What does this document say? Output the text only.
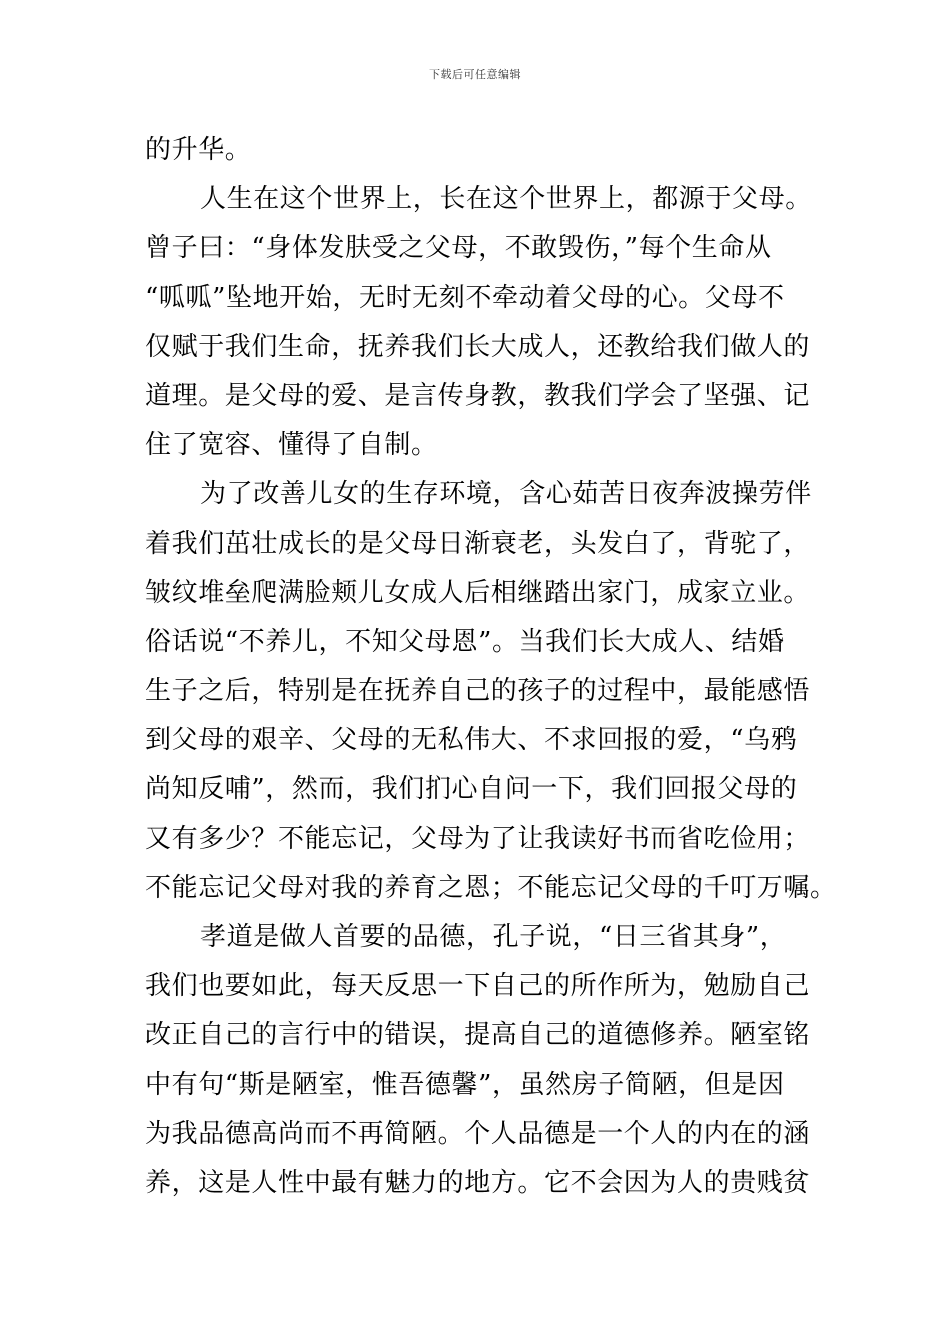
下载后可任意编辑
的升华。
人生在这个世界上，长在这个世界上，都源于父母。
曾子曰：“身体发肤受之父母，不敢毁伤，”每个生命从
“呱呱”坠地开始，无时无刻不牵动着父母的心。父母不
仅赋于我们生命，抚养我们长大成人，还教给我们做人的
道理。是父母的爱、是言传身教，教我们学会了坚强、记
住了宽容、懂得了自制。
为了改善儿女的生存环境，含心茹苦日夜奔波操劳伴
着我们茁壮成长的是父母日渐衰老，头发白了，背驼了，
皱纹堆垒爬满脸颊儿女成人后相继踏出家门，成家立业。
俗话说“不养儿，不知父母恩”。当我们长大成人、结婚
生子之后，特别是在抚养自己的孩子的过程中，最能感悟
到父母的艰辛、父母的无私伟大、不求回报的爱，“乌鸦
尚知反哺”，然而，我们扪心自问一下，我们回报父母的
又有多少？不能忘记，父母为了让我读好书而省吃俭用；
不能忘记父母对我的养育之恩；不能忘记父母的千叮万嘱。
孝道是做人首要的品德，孔子说，“日三省其身”，
我们也要如此，每天反思一下自己的所作所为，勉励自己
改正自己的言行中的错误，提高自己的道德修养。陋室铭
中有句“斯是陋室，惟吾德馨”，虽然房子简陋，但是因
为我品德高尚而不再简陋。个人品德是一个人的内在的涵
养，这是人性中最有魅力的地方。它不会因为人的贵贱贫
